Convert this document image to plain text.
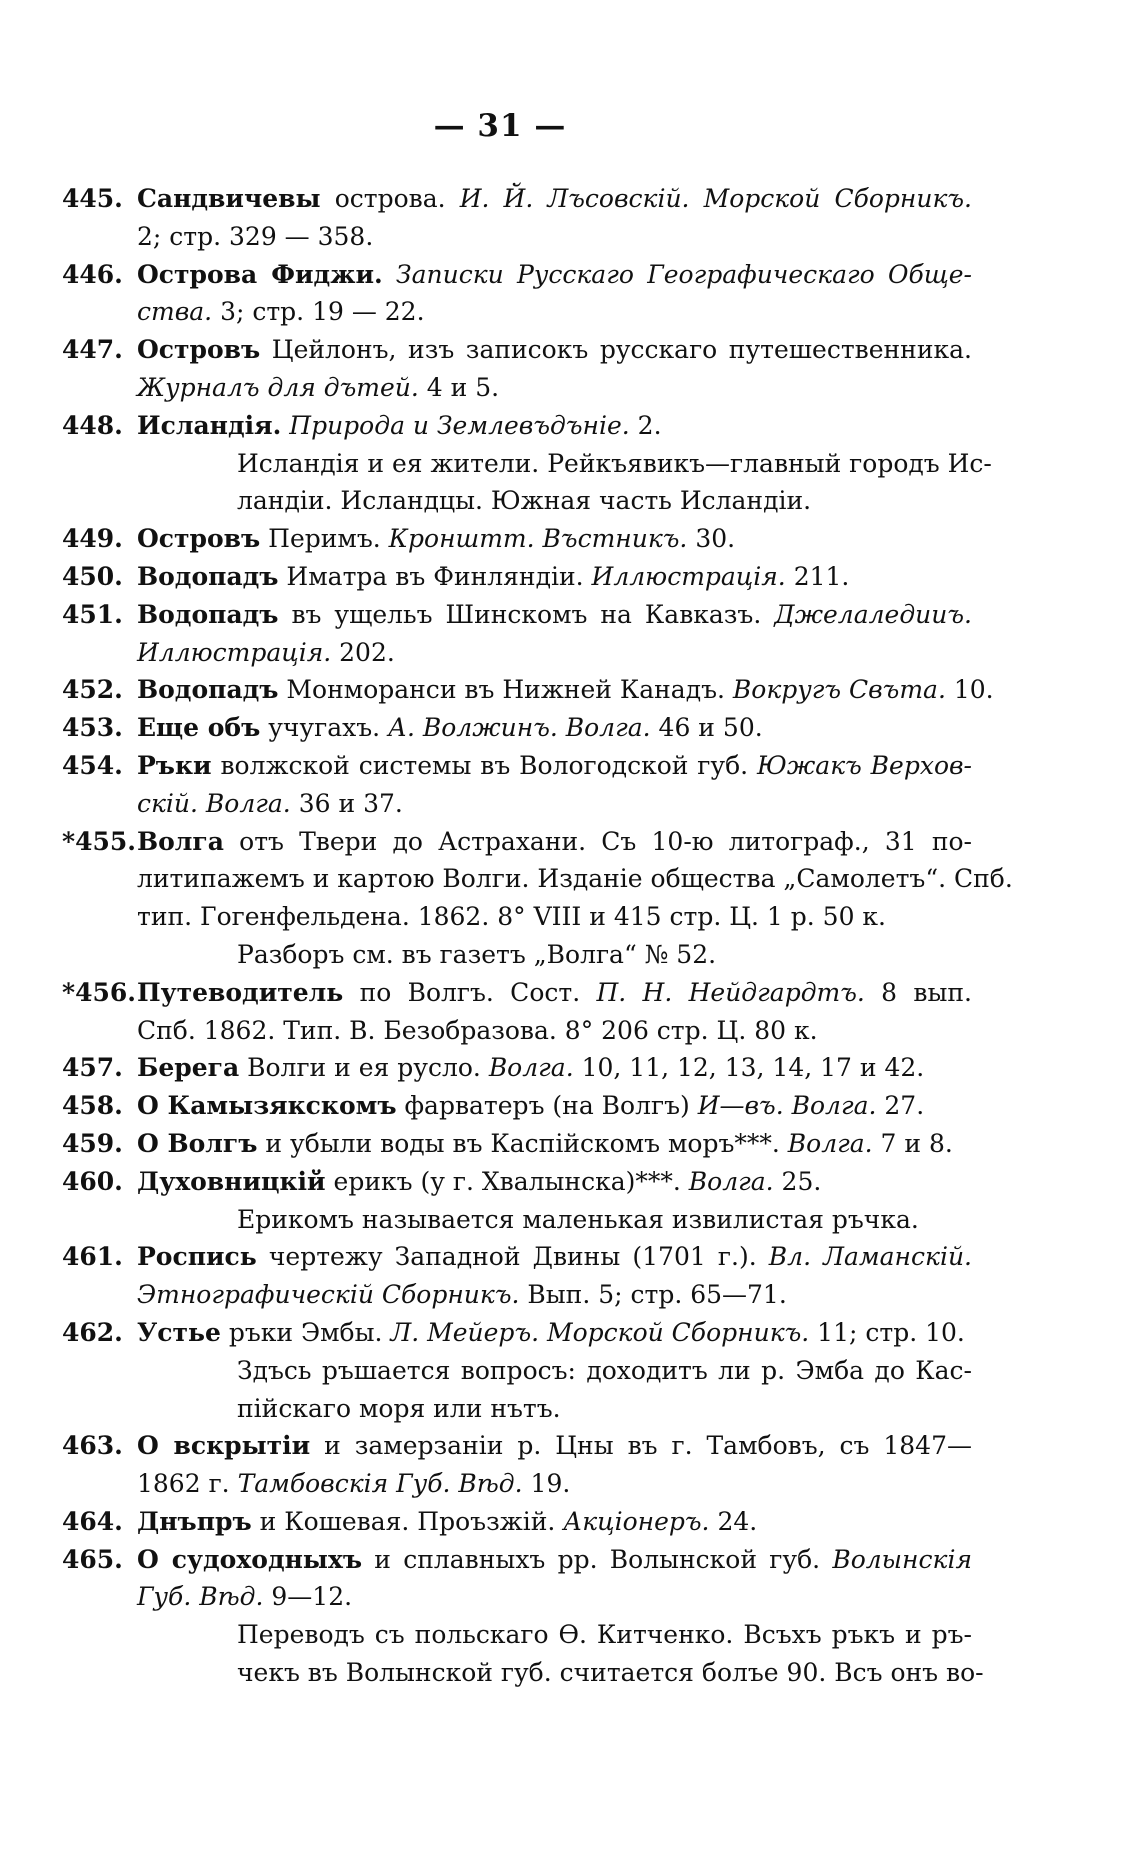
— 31 —
445. Сандвичевы острова. И. Й. Лъсовскій. Морской Сборникъ.
2; стр. 329 — 358.
446. Острова Фиджи. Записки Русскаго Географическаго Обще-
ства. 3; стр. 19 — 22.
447. Островъ Цейлонъ, изъ записокъ русскаго путешественника.
Журналъ для дътей. 4 и 5.
448. Исландія. Природа и Землевъдъніе. 2.
Исландія и ея жители. Рейкъявикъ—главный городъ Ис-
ландіи. Исландцы. Южная часть Исландіи.
449. Островъ Перимъ. Кронштт. Въстникъ. 30.
450. Водопадъ Иматра въ Финляндіи. Иллюстрація. 211.
451. Водопадъ въ ущельъ Шинскомъ на Кавказъ. Джелаледииъ.
Иллюстрація. 202.
452. Водопадъ Монморанси въ Нижней Канадъ. Вокругъ Свъта. 10.
453. Еще объ учугахъ. А. Волжинъ. Волга. 46 и 50.
454. Ръки волжской системы въ Вологодской губ. Южакъ Верхов-
скій. Волга. 36 и 37.
*455. Волга отъ Твери до Астрахани. Съ 10-ю литограф., 31 по-
литипажемъ и картою Волги. Изданіе общества „Самолетъ“. Спб.
тип. Гогенфельдена. 1862. 8° VIII и 415 стр. Ц. 1 р. 50 к.
Разборъ см. въ газетъ „Волга“ № 52.
*456. Путеводитель по Волгъ. Сост. П. Н. Нейдгардтъ. 8 вып.
Спб. 1862. Тип. В. Безобразова. 8° 206 стр. Ц. 80 к.
457. Берега Волги и ея русло. Волга. 10, 11, 12, 13, 14, 17 и 42.
458. О Камызякскомъ фарватеръ (на Волгъ) И—въ. Волга. 27.
459. О Волгъ и убыли воды въ Каспійскомъ моръ***. Волга. 7 и 8.
460. Духовницкій ерикъ (у г. Хвалынска)***. Волга. 25.
Ерикомъ называется маленькая извилистая ръчка.
461. Роспись чертежу Западной Двины (1701 г.). Вл. Ламанскій.
Этнографическій Сборникъ. Вып. 5; стр. 65—71.
462. Устье ръки Эмбы. Л. Мейеръ. Морской Сборникъ. 11; стр. 10.
Здъсь ръшается вопросъ: доходитъ ли р. Эмба до Кас-
пійскаго моря или нътъ.
463. О вскрытіи и замерзаніи р. Цны въ г. Тамбовъ, съ 1847—
1862 г. Тамбовскія Губ. Вѣд. 19.
464. Днъпръ и Кошевая. Проъзжій. Акціонеръ. 24.
465. О судоходныхъ и сплавныхъ рр. Волынской губ. Волынскія
Губ. Вѣд. 9—12.
Переводъ съ польскаго Ө. Китченко. Всъхъ ръкъ и ръ-
чекъ въ Волынской губ. считается болъе 90. Всъ онъ во-
